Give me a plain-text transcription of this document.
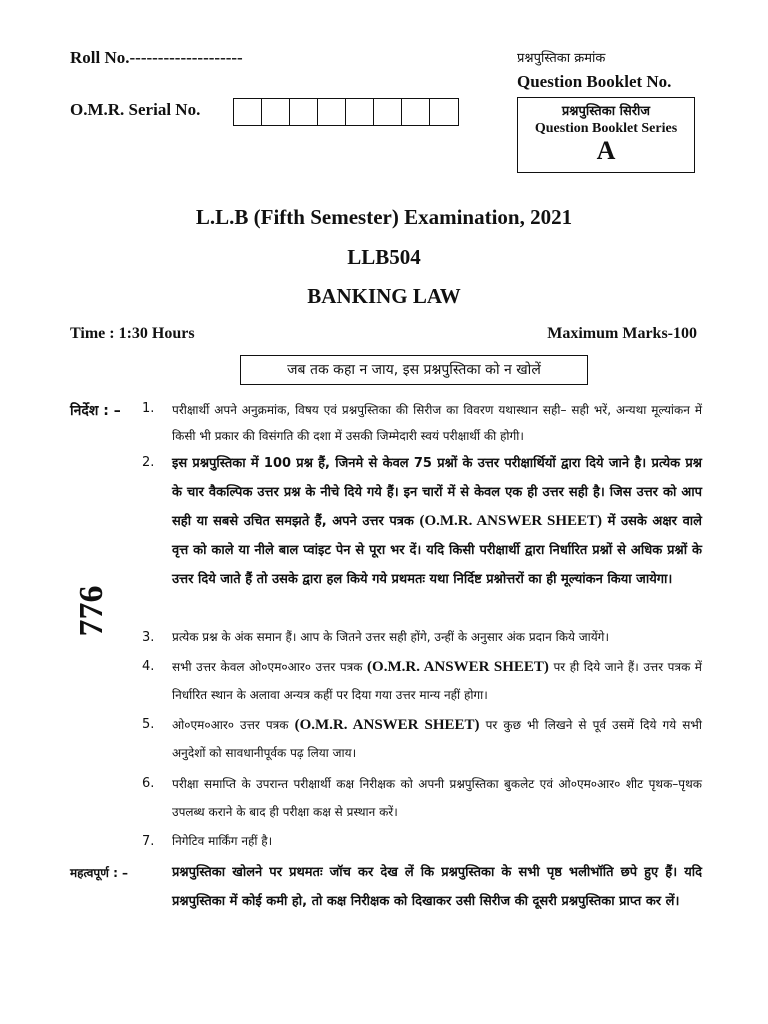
Roll No.--------------------
O.M.R. Serial No.
प्रश्नपुस्तिका क्रमांक
Question Booklet No.
प्रश्नपुस्तिका सिरीज
Question Booklet Series
A
L.L.B (Fifth Semester) Examination, 2021
LLB504
BANKING LAW
Time : 1:30 Hours	Maximum Marks-100
जब तक कहा न जाय, इस प्रश्नपुस्तिका को न खोलें
776
निर्देश : – 1. परीक्षार्थी अपने अनुक्रमांक, विषय एवं प्रश्नपुस्तिका की सिरीज का विवरण यथास्थान सही– सही भरें, अन्यथा मूल्यांकन में किसी भी प्रकार की विसंगति की दशा में उसकी जिम्मेदारी स्वयं परीक्षार्थी की होगी।
2. इस प्रश्नपुस्तिका में 100 प्रश्न हैं, जिनमे से केवल 75 प्रश्नों के उत्तर परीक्षार्थियों द्वारा दिये जाने है। प्रत्येक प्रश्न के चार वैकल्पिक उत्तर प्रश्न के नीचे दिये गये हैं। इन चारों में से केवल एक ही उत्तर सही है। जिस उत्तर को आप सही या सबसे उचित समझते हैं, अपने उत्तर पत्रक (O.M.R. ANSWER SHEET) में उसके अक्षर वाले वृत्त को काले या नीले बाल प्वांइट पेन से पूरा भर दें। यदि किसी परीक्षार्थी द्वारा निर्धारित प्रश्नों से अधिक प्रश्नों के उत्तर दिये जाते हैं तो उसके द्वारा हल किये गये प्रथमतः यथा निर्दिष्ट प्रश्नोत्तरों का ही मूल्यांकन किया जायेगा।
3. प्रत्येक प्रश्न के अंक समान हैं। आप के जितने उत्तर सही होंगे, उन्हीं के अनुसार अंक प्रदान किये जायेंगे।
4. सभी उत्तर केवल ओ०एम०आर० उत्तर पत्रक (O.M.R. ANSWER SHEET) पर ही दिये जाने हैं। उत्तर पत्रक में निर्धारित स्थान के अलावा अन्यत्र कहीं पर दिया गया उत्तर मान्य नहीं होगा।
5. ओ०एम०आर० उत्तर पत्रक (O.M.R. ANSWER SHEET) पर कुछ भी लिखने से पूर्व उसमें दिये गये सभी अनुदेशों को सावधानीपूर्वक पढ़ लिया जाय।
6. परीक्षा समाप्ति के उपरान्त परीक्षार्थी कक्ष निरीक्षक को अपनी प्रश्नपुस्तिका बुकलेट एवं ओ०एम०आर० शीट पृथक–पृथक उपलब्ध कराने के बाद ही परीक्षा कक्ष से प्रस्थान करें।
7. निगेटिव मार्किंग नहीं है।
महत्वपूर्ण : –	प्रश्नपुस्तिका खोलने पर प्रथमतः जॉच कर देख लें कि प्रश्नपुस्तिका के सभी पृष्ठ भलीभॉति छपे हुए हैं। यदि प्रश्नपुस्तिका में कोई कमी हो, तो कक्ष निरीक्षक को दिखाकर उसी सिरीज की दूसरी प्रश्नपुस्तिका प्राप्त कर लें।
